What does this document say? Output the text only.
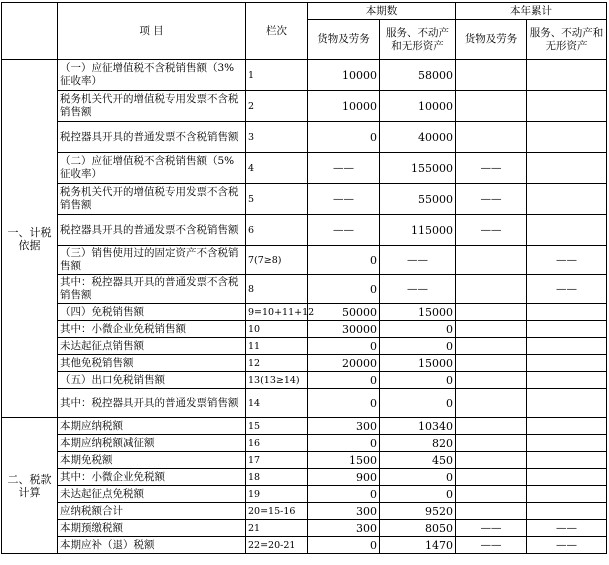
	项 目	栏次	本期数		本年累计	
			货物及劳务	服务、不动产和无形资产	货物及劳务	服务、不动产和无形资产

一、计税依据	（一）应征增值税不含税销售额（3%征收率）	1	10000	58000		
	税务机关代开的增值税专用发票不含税销售额	2	10000	10000		
	税控器具开具的普通发票不含税销售额	3	0	40000		
	（二）应征增值税不含税销售额（5%征收率）	4	——	155000	——	
	税务机关代开的增值税专用发票不含税销售额	5	——	55000	——	
	税控器具开具的普通发票不含税销售额	6	——	115000	——	
	（三）销售使用过的固定资产不含税销售额	7(7≥8)	0	——		——
	其中：税控器具开具的普通发票不含税销售额	8	0	——		——
	（四）免税销售额	9=10+11+12	50000	15000		
	其中：小微企业免税销售额	10	30000	0		
	未达起征点销售额	11	0	0		
	其他免税销售额	12	20000	15000		
	（五）出口免税销售额	13(13≥14)	0	0		
	其中：税控器具开具的普通发票销售额	14	0	0		
二、税款计算	本期应纳税额	15	300	10340		
	本期应纳税额减征额	16	0	820		
	本期免税额	17	1500	450		
	其中：小微企业免税额	18	900	0		
	未达起征点免税额	19	0	0		
	应纳税额合计	20=15-16	300	9520		
	本期预缴税额	21	300	8050	——	——
	本期应补（退）税额	22=20-21	0	1470	——	——
